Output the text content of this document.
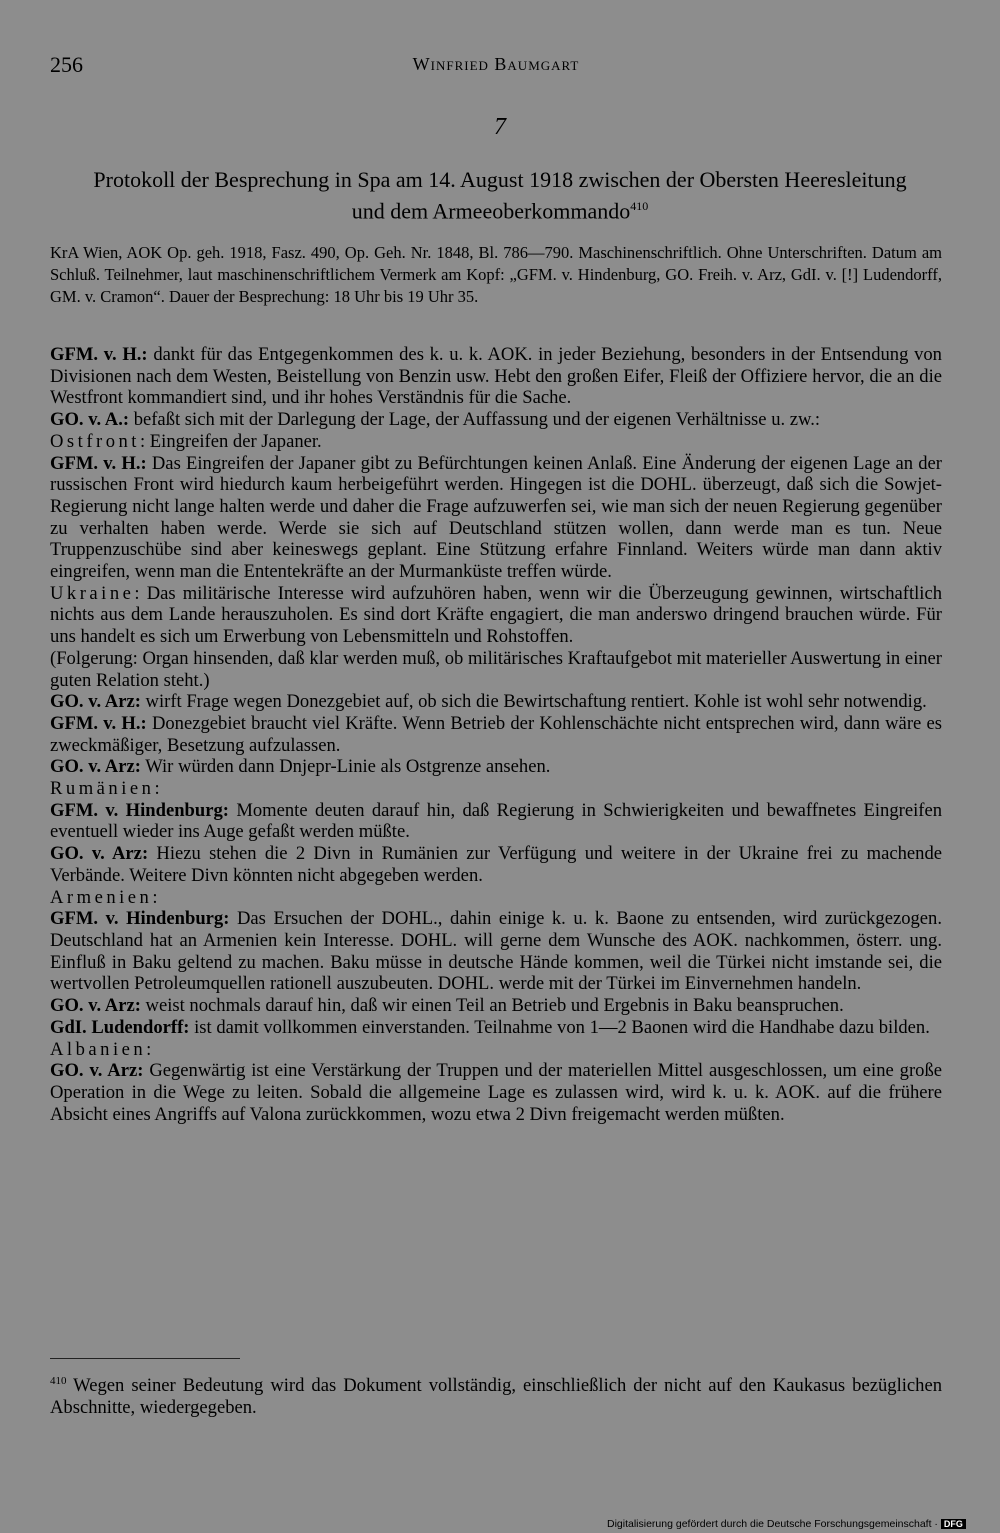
256	Winfried Baumgart
7
Protokoll der Besprechung in Spa am 14. August 1918 zwischen der Obersten Heeresleitung und dem Armeeoberkommando$^{410}$
KrA Wien, AOK Op. geh. 1918, Fasz. 490, Op. Geh. Nr. 1848, Bl. 786—790. Maschinenschriftlich. Ohne Unterschriften. Datum am Schluß. Teilnehmer, laut maschinenschriftlichem Vermerk am Kopf: „GFM. v. Hindenburg, GO. Freih. v. Arz, GdI. v. [!] Ludendorff, GM. v. Cramon“. Dauer der Besprechung: 18 Uhr bis 19 Uhr 35.

GFM. v. H.: dankt für das Entgegenkommen des k. u. k. AOK. in jeder Beziehung, besonders in der Entsendung von Divisionen nach dem Westen, Beistellung von Benzin usw. Hebt den großen Eifer, Fleiß der Offiziere hervor, die an die Westfront kommandiert sind, und ihr hohes Verständnis für die Sache.

GO. v. A.: befaßt sich mit der Darlegung der Lage, der Auffassung und der eigenen Verhältnisse u. zw.:

Ostfront: Eingreifen der Japaner.

GFM. v. H.: Das Eingreifen der Japaner gibt zu Befürchtungen keinen Anlaß. Eine Änderung der eigenen Lage an der russischen Front wird hiedurch kaum herbeigeführt werden. Hingegen ist die DOHL. überzeugt, daß sich die Sowjet-Regierung nicht lange halten werde und daher die Frage aufzuwerfen sei, wie man sich der neuen Regierung gegenüber zu verhalten haben werde. Werde sie sich auf Deutschland stützen wollen, dann werde man es tun. Neue Truppenzuschübe sind aber keineswegs geplant. Eine Stützung erfahre Finnland. Weiters würde man dann aktiv eingreifen, wenn man die Ententekräfte an der Murmanküste treffen würde.

Ukraine: Das militärische Interesse wird aufzuhören haben, wenn wir die Überzeugung gewinnen, wirtschaftlich nichts aus dem Lande herauszuholen. Es sind dort Kräfte engagiert, die man anderswo dringend brauchen würde. Für uns handelt es sich um Erwerbung von Lebensmitteln und Rohstoffen.

(Folgerung: Organ hinsenden, daß klar werden muß, ob militärisches Kraftaufgebot mit materieller Auswertung in einer guten Relation steht.)

GO. v. Arz: wirft Frage wegen Donezgebiet auf, ob sich die Bewirtschaftung rentiert. Kohle ist wohl sehr notwendig.

GFM. v. H.: Donezgebiet braucht viel Kräfte. Wenn Betrieb der Kohlenschächte nicht entsprechen wird, dann wäre es zweckmäßiger, Besetzung aufzulassen.

GO. v. Arz: Wir würden dann Dnjepr-Linie als Ostgrenze ansehen.

Rumänien:

GFM. v. Hindenburg: Momente deuten darauf hin, daß Regierung in Schwierigkeiten und bewaffnetes Eingreifen eventuell wieder ins Auge gefaßt werden müßte.

GO. v. Arz: Hiezu stehen die 2 Divn in Rumänien zur Verfügung und weitere in der Ukraine frei zu machende Verbände. Weitere Divn könnten nicht abgegeben werden.

Armenien:

GFM. v. Hindenburg: Das Ersuchen der DOHL., dahin einige k. u. k. Baone zu entsenden, wird zurückgezogen. Deutschland hat an Armenien kein Interesse. DOHL. will gerne dem Wunsche des AOK. nachkommen, österr. ung. Einfluß in Baku geltend zu machen. Baku müsse in deutsche Hände kommen, weil die Türkei nicht imstande sei, die wertvollen Petroleumquellen rationell auszubeuten. DOHL. werde mit der Türkei im Einvernehmen handeln.

GO. v. Arz: weist nochmals darauf hin, daß wir einen Teil an Betrieb und Ergebnis in Baku beanspruchen.

GdI. Ludendorff: ist damit vollkommen einverstanden. Teilnahme von 1—2 Baonen wird die Handhabe dazu bilden.

Albanien:

GO. v. Arz: Gegenwärtig ist eine Verstärkung der Truppen und der materiellen Mittel ausgeschlossen, um eine große Operation in die Wege zu leiten. Sobald die allgemeine Lage es zulassen wird, wird k. u. k. AOK. auf die frühere Absicht eines Angriffs auf Valona zurückkommen, wozu etwa 2 Divn freigemacht werden müßten.

$^{410}$ Wegen seiner Bedeutung wird das Dokument vollständig, einschließlich der nicht auf den Kaukasus bezüglichen Abschnitte, wiedergegeben.
Digitalisierung gefördert durch die Deutsche Forschungsgemeinschaft · DFG
